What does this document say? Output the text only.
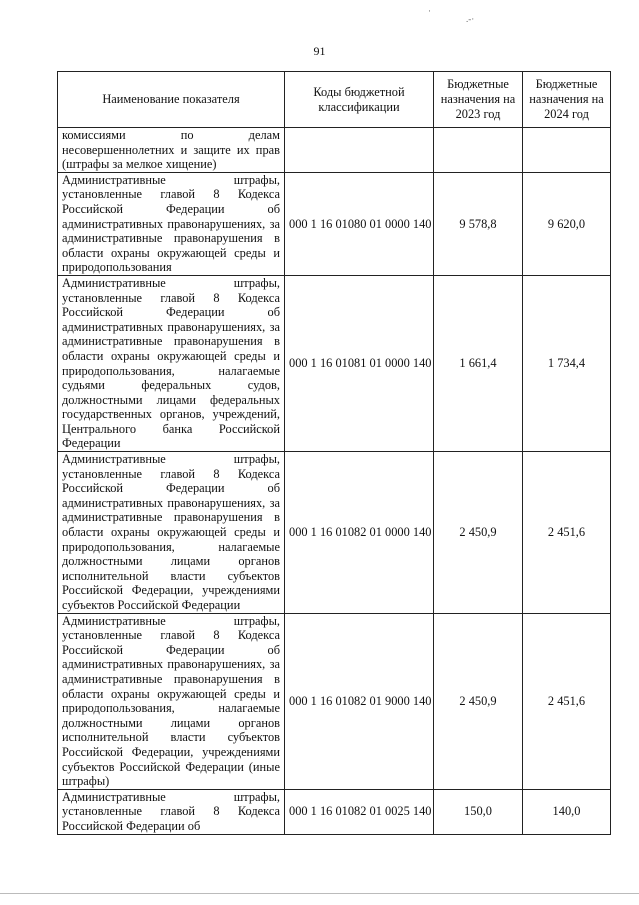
.-·
·
91
Наименование показателя	Коды бюджетной классификации	Бюджетные назначения на 2023 год	Бюджетные назначения на 2024 год
комиссиями по делам несовершеннолетних и защите их прав (штрафы за мелкое хищение)			
Административные штрафы, установленные главой 8 Кодекса Российской Федерации об административных правонарушениях, за административные правонарушения в области охраны окружающей среды и природопользования	000 1 16 01080 01 0000 140	9 578,8	9 620,0
Административные штрафы, установленные главой 8 Кодекса Российской Федерации об административных правонарушениях, за административные правонарушения в области охраны окружающей среды и природопользования, налагаемые судьями федеральных судов, должностными лицами федеральных государственных органов, учреждений, Центрального банка Российской Федерации	000 1 16 01081 01 0000 140	1 661,4	1 734,4
Административные штрафы, установленные главой 8 Кодекса Российской Федерации об административных правонарушениях, за административные правонарушения в области охраны окружающей среды и природопользования, налагаемые должностными лицами органов исполнительной власти субъектов Российской Федерации, учреждениями субъектов Российской Федерации	000 1 16 01082 01 0000 140	2 450,9	2 451,6
Административные штрафы, установленные главой 8 Кодекса Российской Федерации об административных правонарушениях, за административные правонарушения в области охраны окружающей среды и природопользования, налагаемые должностными лицами органов исполнительной власти субъектов Российской Федерации, учреждениями субъектов Российской Федерации (иные штрафы)	000 1 16 01082 01 9000 140	2 450,9	2 451,6
Административные штрафы, установленные главой 8 Кодекса Российской Федерации об	000 1 16 01082 01 0025 140	150,0	140,0
